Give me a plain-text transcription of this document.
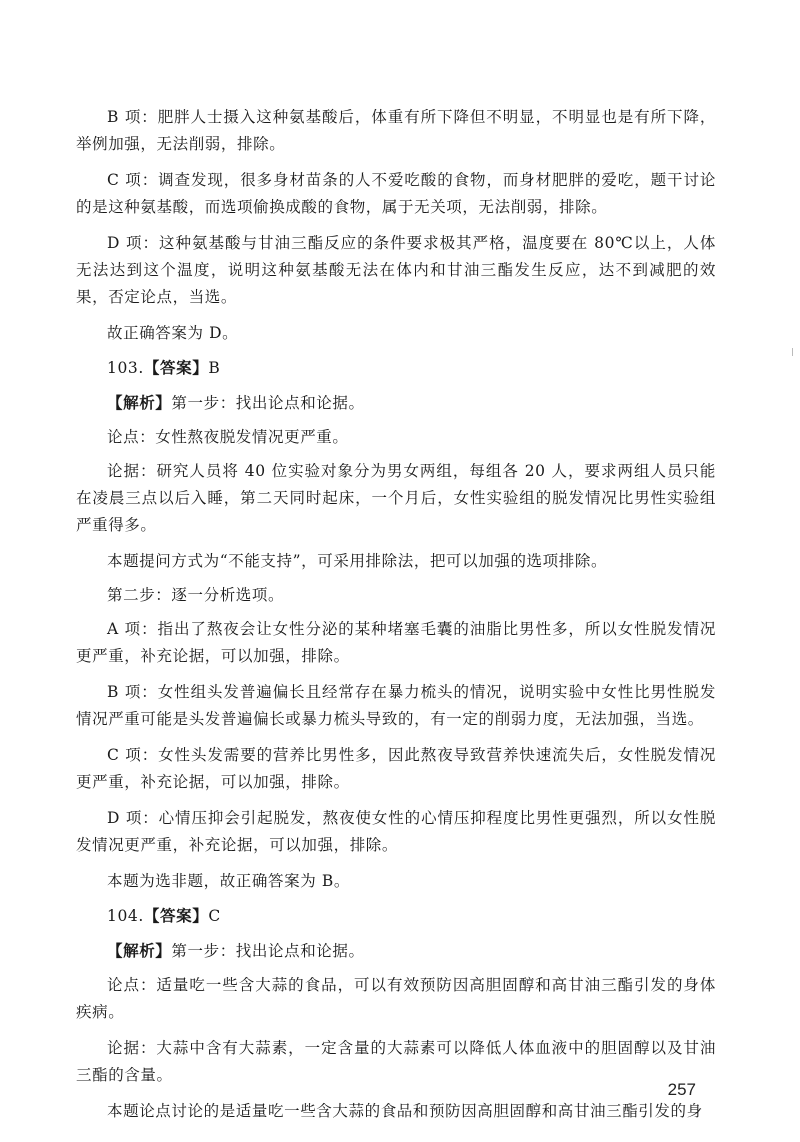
B 项：肥胖人士摄入这种氨基酸后，体重有所下降但不明显，不明显也是有所下降，举例加强，无法削弱，排除。

C 项：调查发现，很多身材苗条的人不爱吃酸的食物，而身材肥胖的爱吃，题干讨论的是这种氨基酸，而选项偷换成酸的食物，属于无关项，无法削弱，排除。

D 项：这种氨基酸与甘油三酯反应的条件要求极其严格，温度要在 80℃以上，人体无法达到这个温度，说明这种氨基酸无法在体内和甘油三酯发生反应，达不到减肥的效果，否定论点，当选。

故正确答案为 D。

103.【答案】B

【解析】第一步：找出论点和论据。

论点：女性熬夜脱发情况更严重。

论据：研究人员将 40 位实验对象分为男女两组，每组各 20 人，要求两组人员只能在凌晨三点以后入睡，第二天同时起床，一个月后，女性实验组的脱发情况比男性实验组严重得多。

本题提问方式为“不能支持”，可采用排除法，把可以加强的选项排除。

第二步：逐一分析选项。

A 项：指出了熬夜会让女性分泌的某种堵塞毛囊的油脂比男性多，所以女性脱发情况更严重，补充论据，可以加强，排除。

B 项：女性组头发普遍偏长且经常存在暴力梳头的情况，说明实验中女性比男性脱发情况严重可能是头发普遍偏长或暴力梳头导致的，有一定的削弱力度，无法加强，当选。

C 项：女性头发需要的营养比男性多，因此熬夜导致营养快速流失后，女性脱发情况更严重，补充论据，可以加强，排除。

D 项：心情压抑会引起脱发，熬夜使女性的心情压抑程度比男性更强烈，所以女性脱发情况更严重，补充论据，可以加强，排除。

本题为选非题，故正确答案为 B。

104.【答案】C

【解析】第一步：找出论点和论据。

论点：适量吃一些含大蒜的食品，可以有效预防因高胆固醇和高甘油三酯引发的身体疾病。

论据：大蒜中含有大蒜素，一定含量的大蒜素可以降低人体血液中的胆固醇以及甘油三酯的含量。

本题论点讨论的是适量吃一些含大蒜的食品和预防因高胆固醇和高甘油三酯引发的身

257
